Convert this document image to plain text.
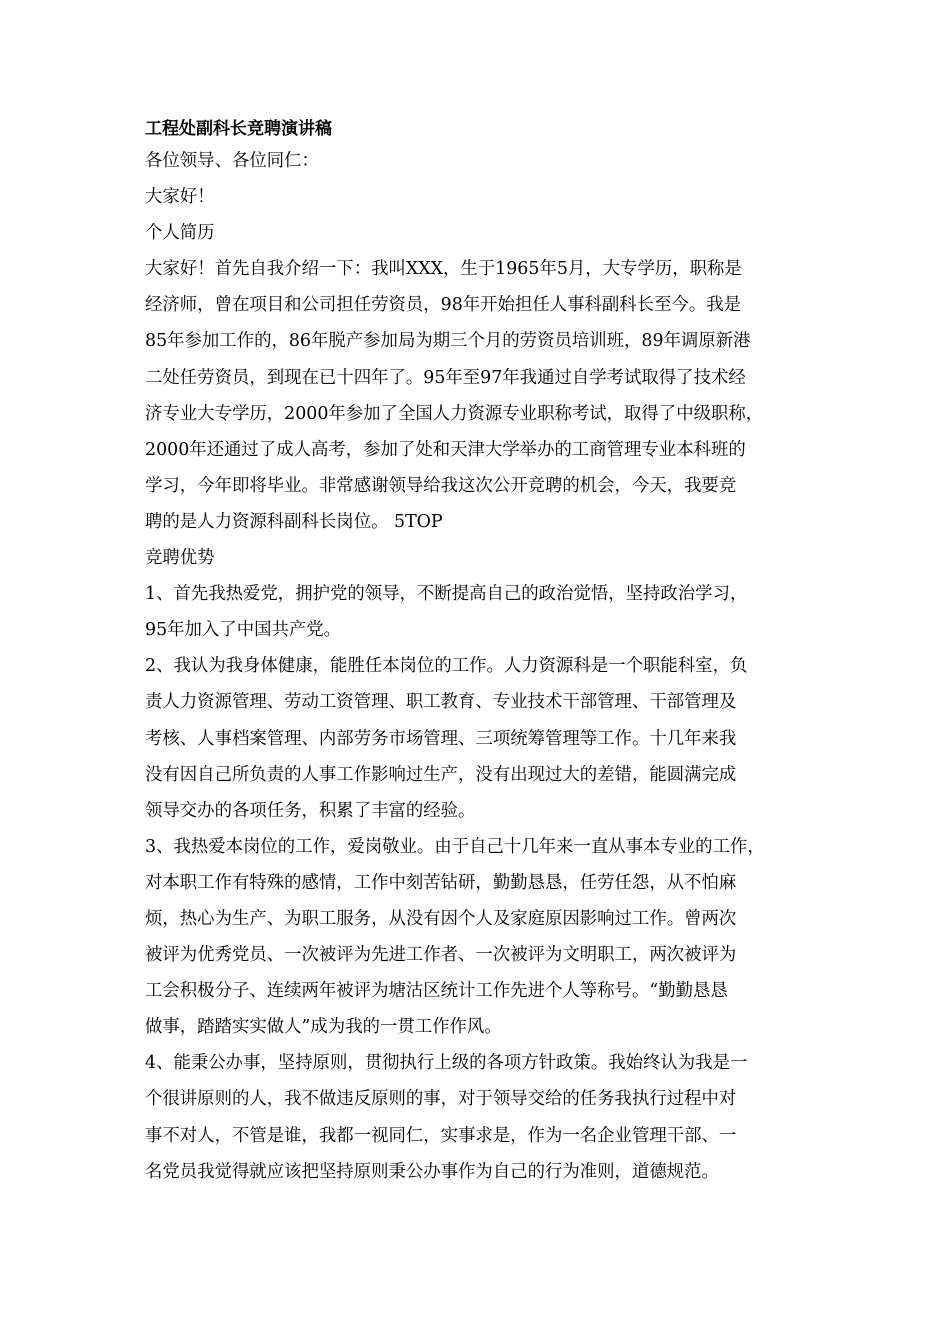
工程处副科长竞聘演讲稿

各位领导、各位同仁：

大家好！

个人简历

大家好！首先自我介绍一下：我叫XXX，生于1965年5月，大专学历，职称是

经济师，曾在项目和公司担任劳资员，98年开始担任人事科副科长至今。我是

85年参加工作的，86年脱产参加局为期三个月的劳资员培训班，89年调原新港

二处任劳资员，到现在已十四年了。95年至97年我通过自学考试取得了技术经

济专业大专学历，2000年参加了全国人力资源专业职称考试，取得了中级职称，

2000年还通过了成人高考，参加了处和天津大学举办的工商管理专业本科班的

学习，今年即将毕业。非常感谢领导给我这次公开竞聘的机会，今天，我要竞

聘的是人力资源科副科长岗位。 5TOP

竞聘优势

1、首先我热爱党，拥护党的领导，不断提高自己的政治觉悟，坚持政治学习，

95年加入了中国共产党。

2、我认为我身体健康，能胜任本岗位的工作。人力资源科是一个职能科室，负

责人力资源管理、劳动工资管理、职工教育、专业技术干部管理、干部管理及

考核、人事档案管理、内部劳务市场管理、三项统筹管理等工作。十几年来我

没有因自己所负责的人事工作影响过生产，没有出现过大的差错，能圆满完成

领导交办的各项任务，积累了丰富的经验。

3、我热爱本岗位的工作，爱岗敬业。由于自己十几年来一直从事本专业的工作，

对本职工作有特殊的感情，工作中刻苦钻研，勤勤恳恳，任劳任怨，从不怕麻

烦，热心为生产、为职工服务，从没有因个人及家庭原因影响过工作。曾两次

被评为优秀党员、一次被评为先进工作者、一次被评为文明职工，两次被评为

工会积极分子、连续两年被评为塘沽区统计工作先进个人等称号。“勤勤恳恳

做事，踏踏实实做人”成为我的一贯工作作风。

4、能秉公办事，坚持原则，贯彻执行上级的各项方针政策。我始终认为我是一

个很讲原则的人，我不做违反原则的事，对于领导交给的任务我执行过程中对

事不对人，不管是谁，我都一视同仁，实事求是，作为一名企业管理干部、一

名党员我觉得就应该把坚持原则秉公办事作为自己的行为准则，道德规范。
